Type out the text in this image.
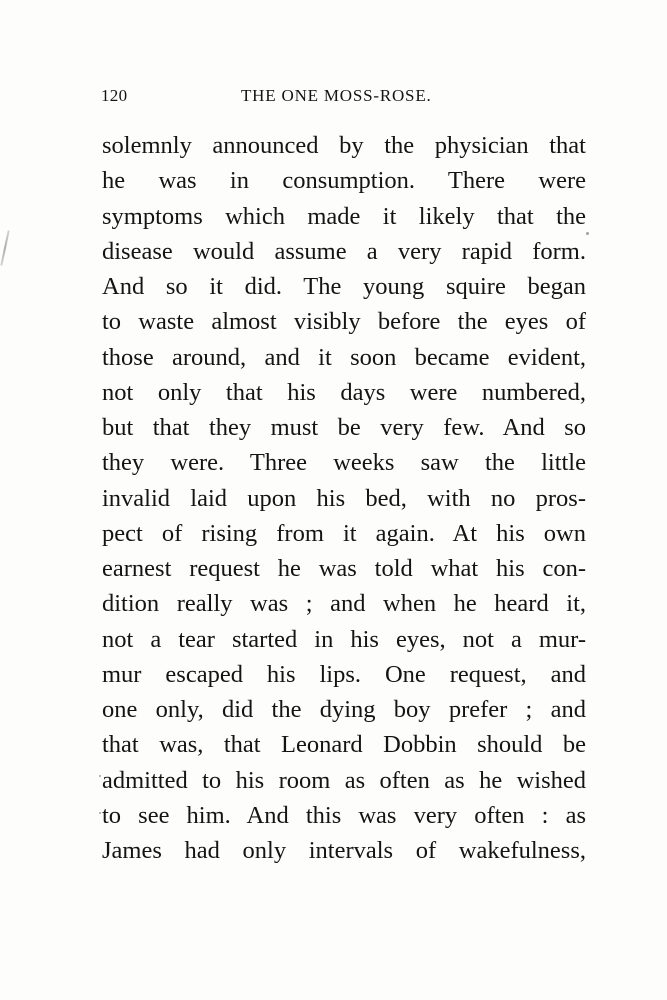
120	THE ONE MOSS-ROSE.
solemnly announced by the physician that
he was in consumption. There were
symptoms which made it likely that the
disease would assume a very rapid form.
And so it did. The young squire began
to waste almost visibly before the eyes of
those around, and it soon became evident,
not only that his days were numbered,
but that they must be very few. And so
they were. Three weeks saw the little
invalid laid upon his bed, with no pros-
pect of rising from it again. At his own
earnest request he was told what his con-
dition really was ; and when he heard it,
not a tear started in his eyes, not a mur-
mur escaped his lips. One request, and
one only, did the dying boy prefer ; and
that was, that Leonard Dobbin should be
admitted to his room as often as he wished
to see him. And this was very often : as
James had only intervals of wakefulness,
